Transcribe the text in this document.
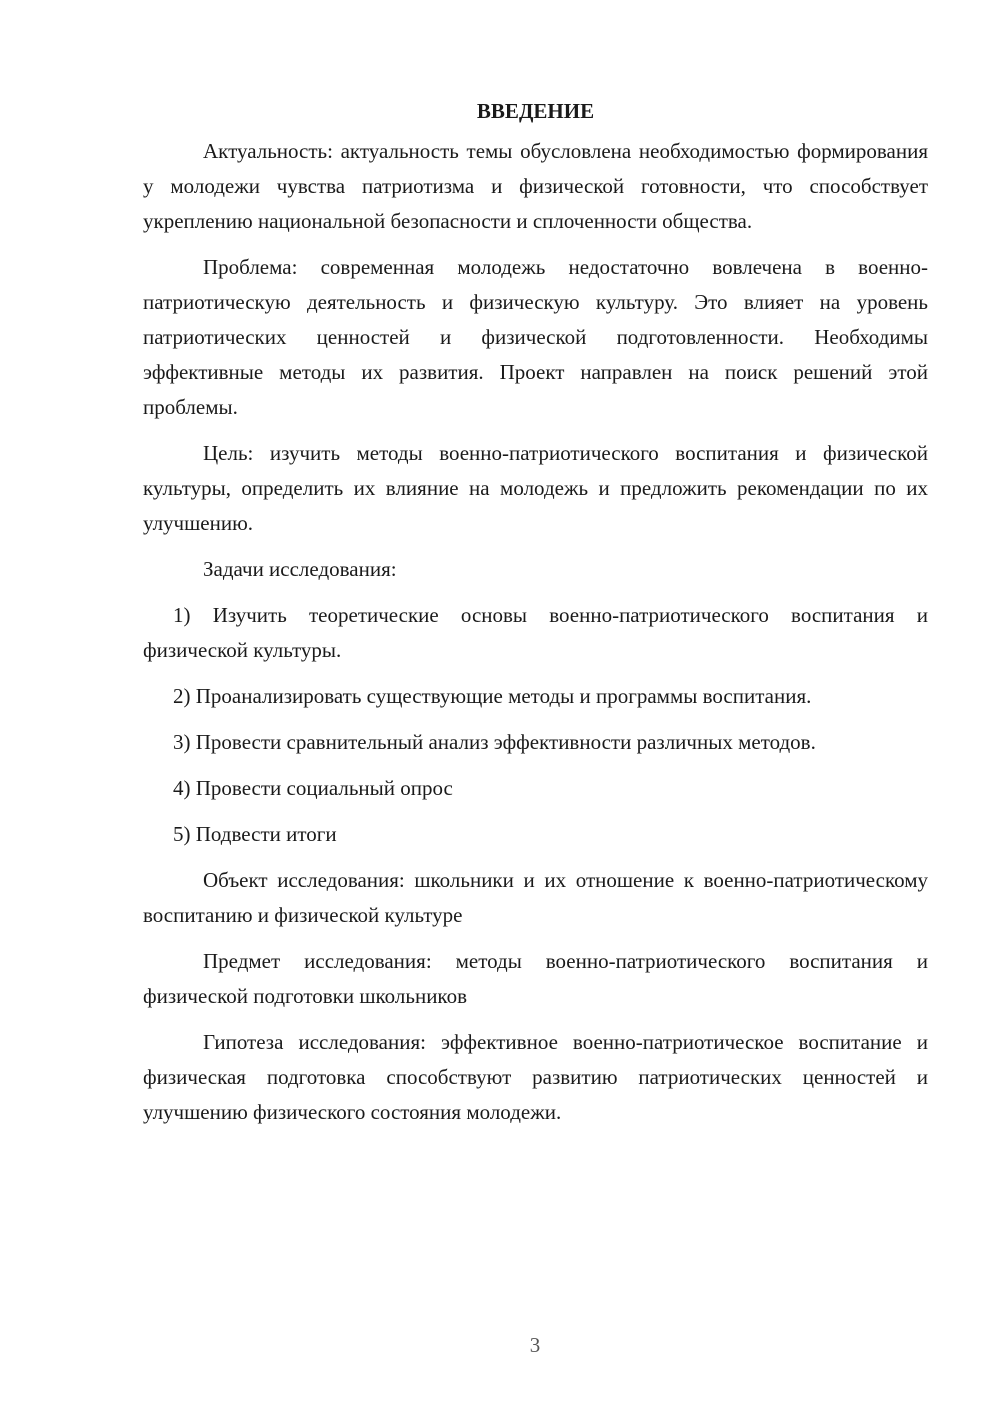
ВВЕДЕНИЕ

Актуальность: актуальность темы обусловлена необходимостью формирования у молодежи чувства патриотизма и физической готовности, что способствует укреплению национальной безопасности и сплоченности общества.

Проблема: современная молодежь недостаточно вовлечена в военно-патриотическую деятельность и физическую культуру. Это влияет на уровень патриотических ценностей и физической подготовленности. Необходимы эффективные методы их развития. Проект направлен на поиск решений этой проблемы.

Цель: изучить методы военно-патриотического воспитания и физической культуры, определить их влияние на молодежь и предложить рекомендации по их улучшению.

Задачи исследования:

1) Изучить теоретические основы военно-патриотического воспитания и физической культуры.

2) Проанализировать существующие методы и программы воспитания.

3) Провести сравнительный анализ эффективности различных методов.

4) Провести социальный опрос

5) Подвести итоги

Объект исследования: школьники и их отношение к военно-патриотическому воспитанию и физической культуре

Предмет исследования: методы военно-патриотического воспитания и физической подготовки школьников

Гипотеза исследования: эффективное военно-патриотическое воспитание и физическая подготовка способствуют развитию патриотических ценностей и улучшению физического состояния молодежи.

3
